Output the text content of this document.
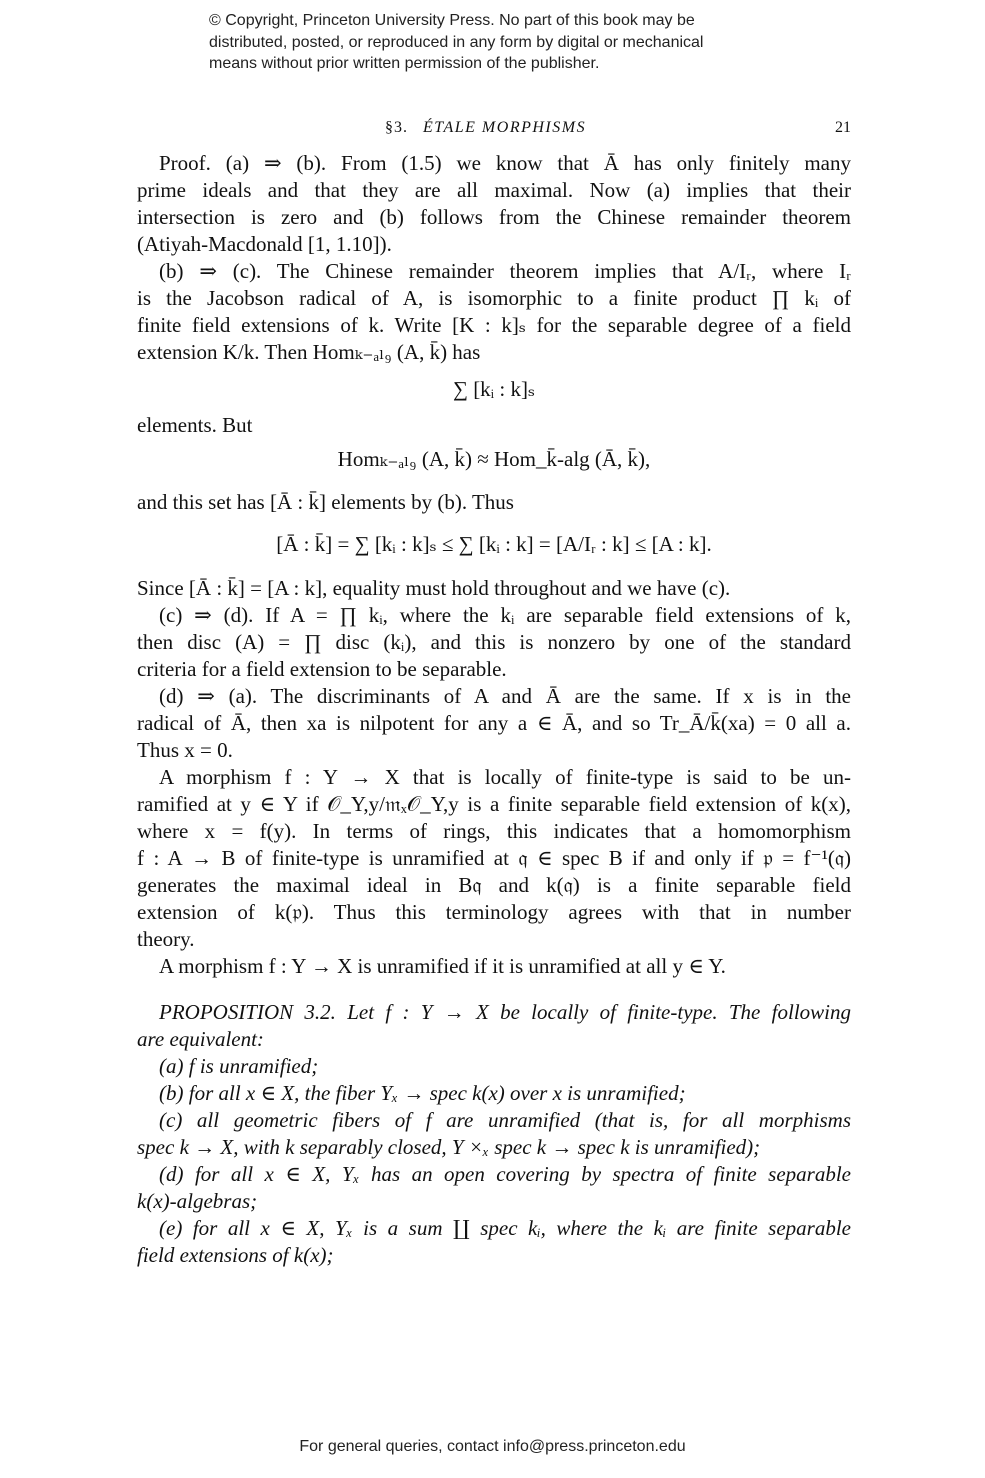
© Copyright, Princeton University Press. No part of this book may be
distributed, posted, or reproduced in any form by digital or mechanical
means without prior written permission of the publisher.
§3. ÉTALE MORPHISMS	21
Proof. (a) ⇒ (b). From (1.5) we know that Ā has only finitely many
prime ideals and that they are all maximal. Now (a) implies that their
intersection is zero and (b) follows from the Chinese remainder theorem
(Atiyah-Macdonald [1, 1.10]).
(b) ⇒ (c). The Chinese remainder theorem implies that A/Iᵣ, where Iᵣ
is the Jacobson radical of A, is isomorphic to a finite product ∏ kᵢ of
finite field extensions of k. Write [K : k]ₛ for the separable degree of a field
extension K/k. Then Homₖ₋ₐₗ₉ (A, k̄) has
∑ [kᵢ : k]ₛ
elements. But
Homₖ₋ₐₗ₉ (A, k̄) ≈ Hom_k̄-alg (Ā, k̄),
and this set has [Ā : k̄] elements by (b). Thus
[Ā : k̄] = ∑ [kᵢ : k]ₛ ≤ ∑ [kᵢ : k] = [A/Iᵣ : k] ≤ [A : k].
Since [Ā : k̄] = [A : k], equality must hold throughout and we have (c).
(c) ⇒ (d). If A = ∏ kᵢ, where the kᵢ are separable field extensions of k,
then disc (A) = ∏ disc (kᵢ), and this is nonzero by one of the standard
criteria for a field extension to be separable.
(d) ⇒ (a). The discriminants of A and Ā are the same. If x is in the
radical of Ā, then xa is nilpotent for any a ∈ Ā, and so Tr_Ā/k̄(xa) = 0 all a.
Thus x = 0.
A morphism f : Y → X that is locally of finite-type is said to be un-
ramified at y ∈ Y if 𝒪_Y,y/𝔪ₓ𝒪_Y,y is a finite separable field extension of k(x),
where x = f(y). In terms of rings, this indicates that a homomorphism
f : A → B of finite-type is unramified at 𝔮 ∈ spec B if and only if 𝔭 = f⁻¹(𝔮)
generates the maximal ideal in B𝔮 and k(𝔮) is a finite separable field
extension of k(𝔭). Thus this terminology agrees with that in number
theory.
A morphism f : Y → X is unramified if it is unramified at all y ∈ Y.
PROPOSITION 3.2. Let f : Y → X be locally of finite-type. The following
are equivalent:
(a) f is unramified;
(b) for all x ∈ X, the fiber Yₓ → spec k(x) over x is unramified;
(c) all geometric fibers of f are unramified (that is, for all morphisms
spec k → X, with k separably closed, Y ×ₓ spec k → spec k is unramified);
(d) for all x ∈ X, Yₓ has an open covering by spectra of finite separable
k(x)-algebras;
(e) for all x ∈ X, Yₓ is a sum ∐ spec kᵢ, where the kᵢ are finite separable
field extensions of k(x);
For general queries, contact info@press.princeton.edu
